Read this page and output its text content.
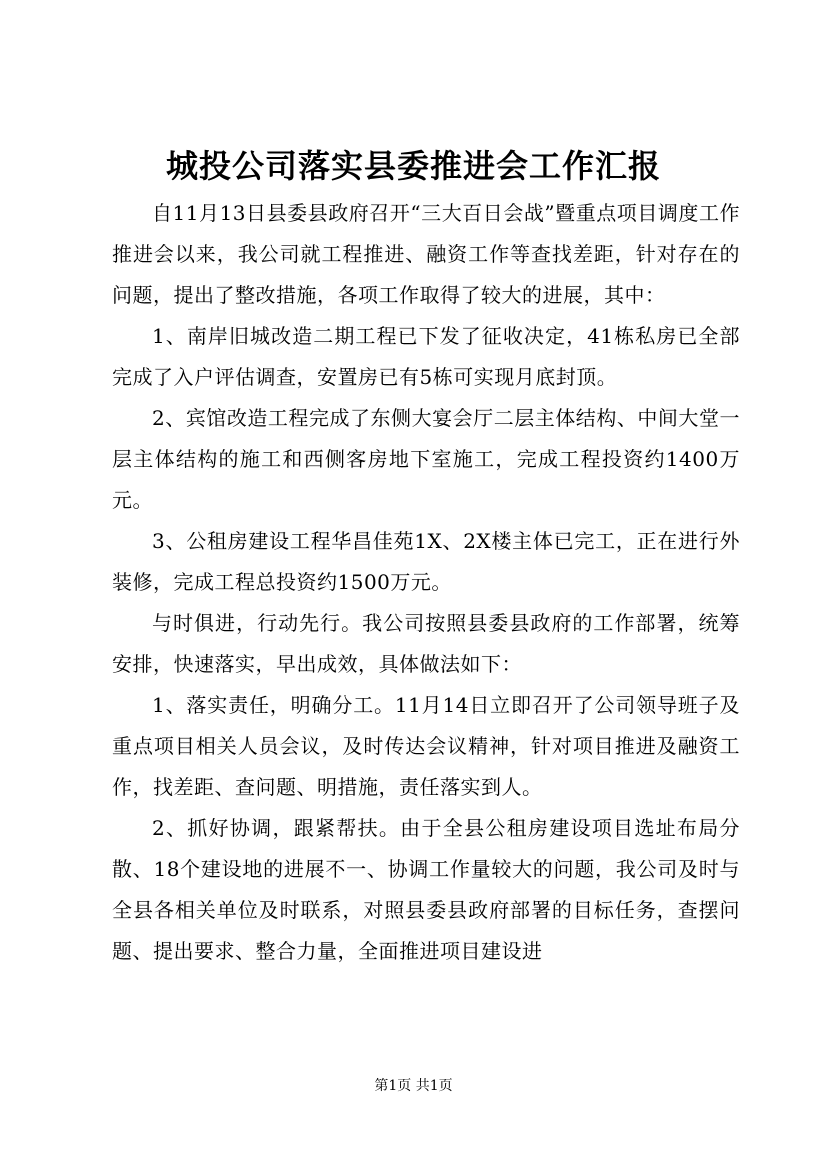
城投公司落实县委推进会工作汇报

自11月13日县委县政府召开“三大百日会战”暨重点项目调度工作推进会以来，我公司就工程推进、融资工作等查找差距，针对存在的问题，提出了整改措施，各项工作取得了较大的进展，其中：

1、南岸旧城改造二期工程已下发了征收决定，41栋私房已全部完成了入户评估调查，安置房已有5栋可实现月底封顶。

2、宾馆改造工程完成了东侧大宴会厅二层主体结构、中间大堂一层主体结构的施工和西侧客房地下室施工，完成工程投资约1400万元。

3、公租房建设工程华昌佳苑1X、2X楼主体已完工，正在进行外装修，完成工程总投资约1500万元。

与时俱进，行动先行。我公司按照县委县政府的工作部署，统筹安排，快速落实，早出成效，具体做法如下：

1、落实责任，明确分工。11月14日立即召开了公司领导班子及重点项目相关人员会议，及时传达会议精神，针对项目推进及融资工作，找差距、查问题、明措施，责任落实到人。

2、抓好协调，跟紧帮扶。由于全县公租房建设项目选址布局分散、18个建设地的进展不一、协调工作量较大的问题，我公司及时与全县各相关单位及时联系，对照县委县政府部署的目标任务，查摆问题、提出要求、整合力量，全面推进项目建设进

第1页 共1页
